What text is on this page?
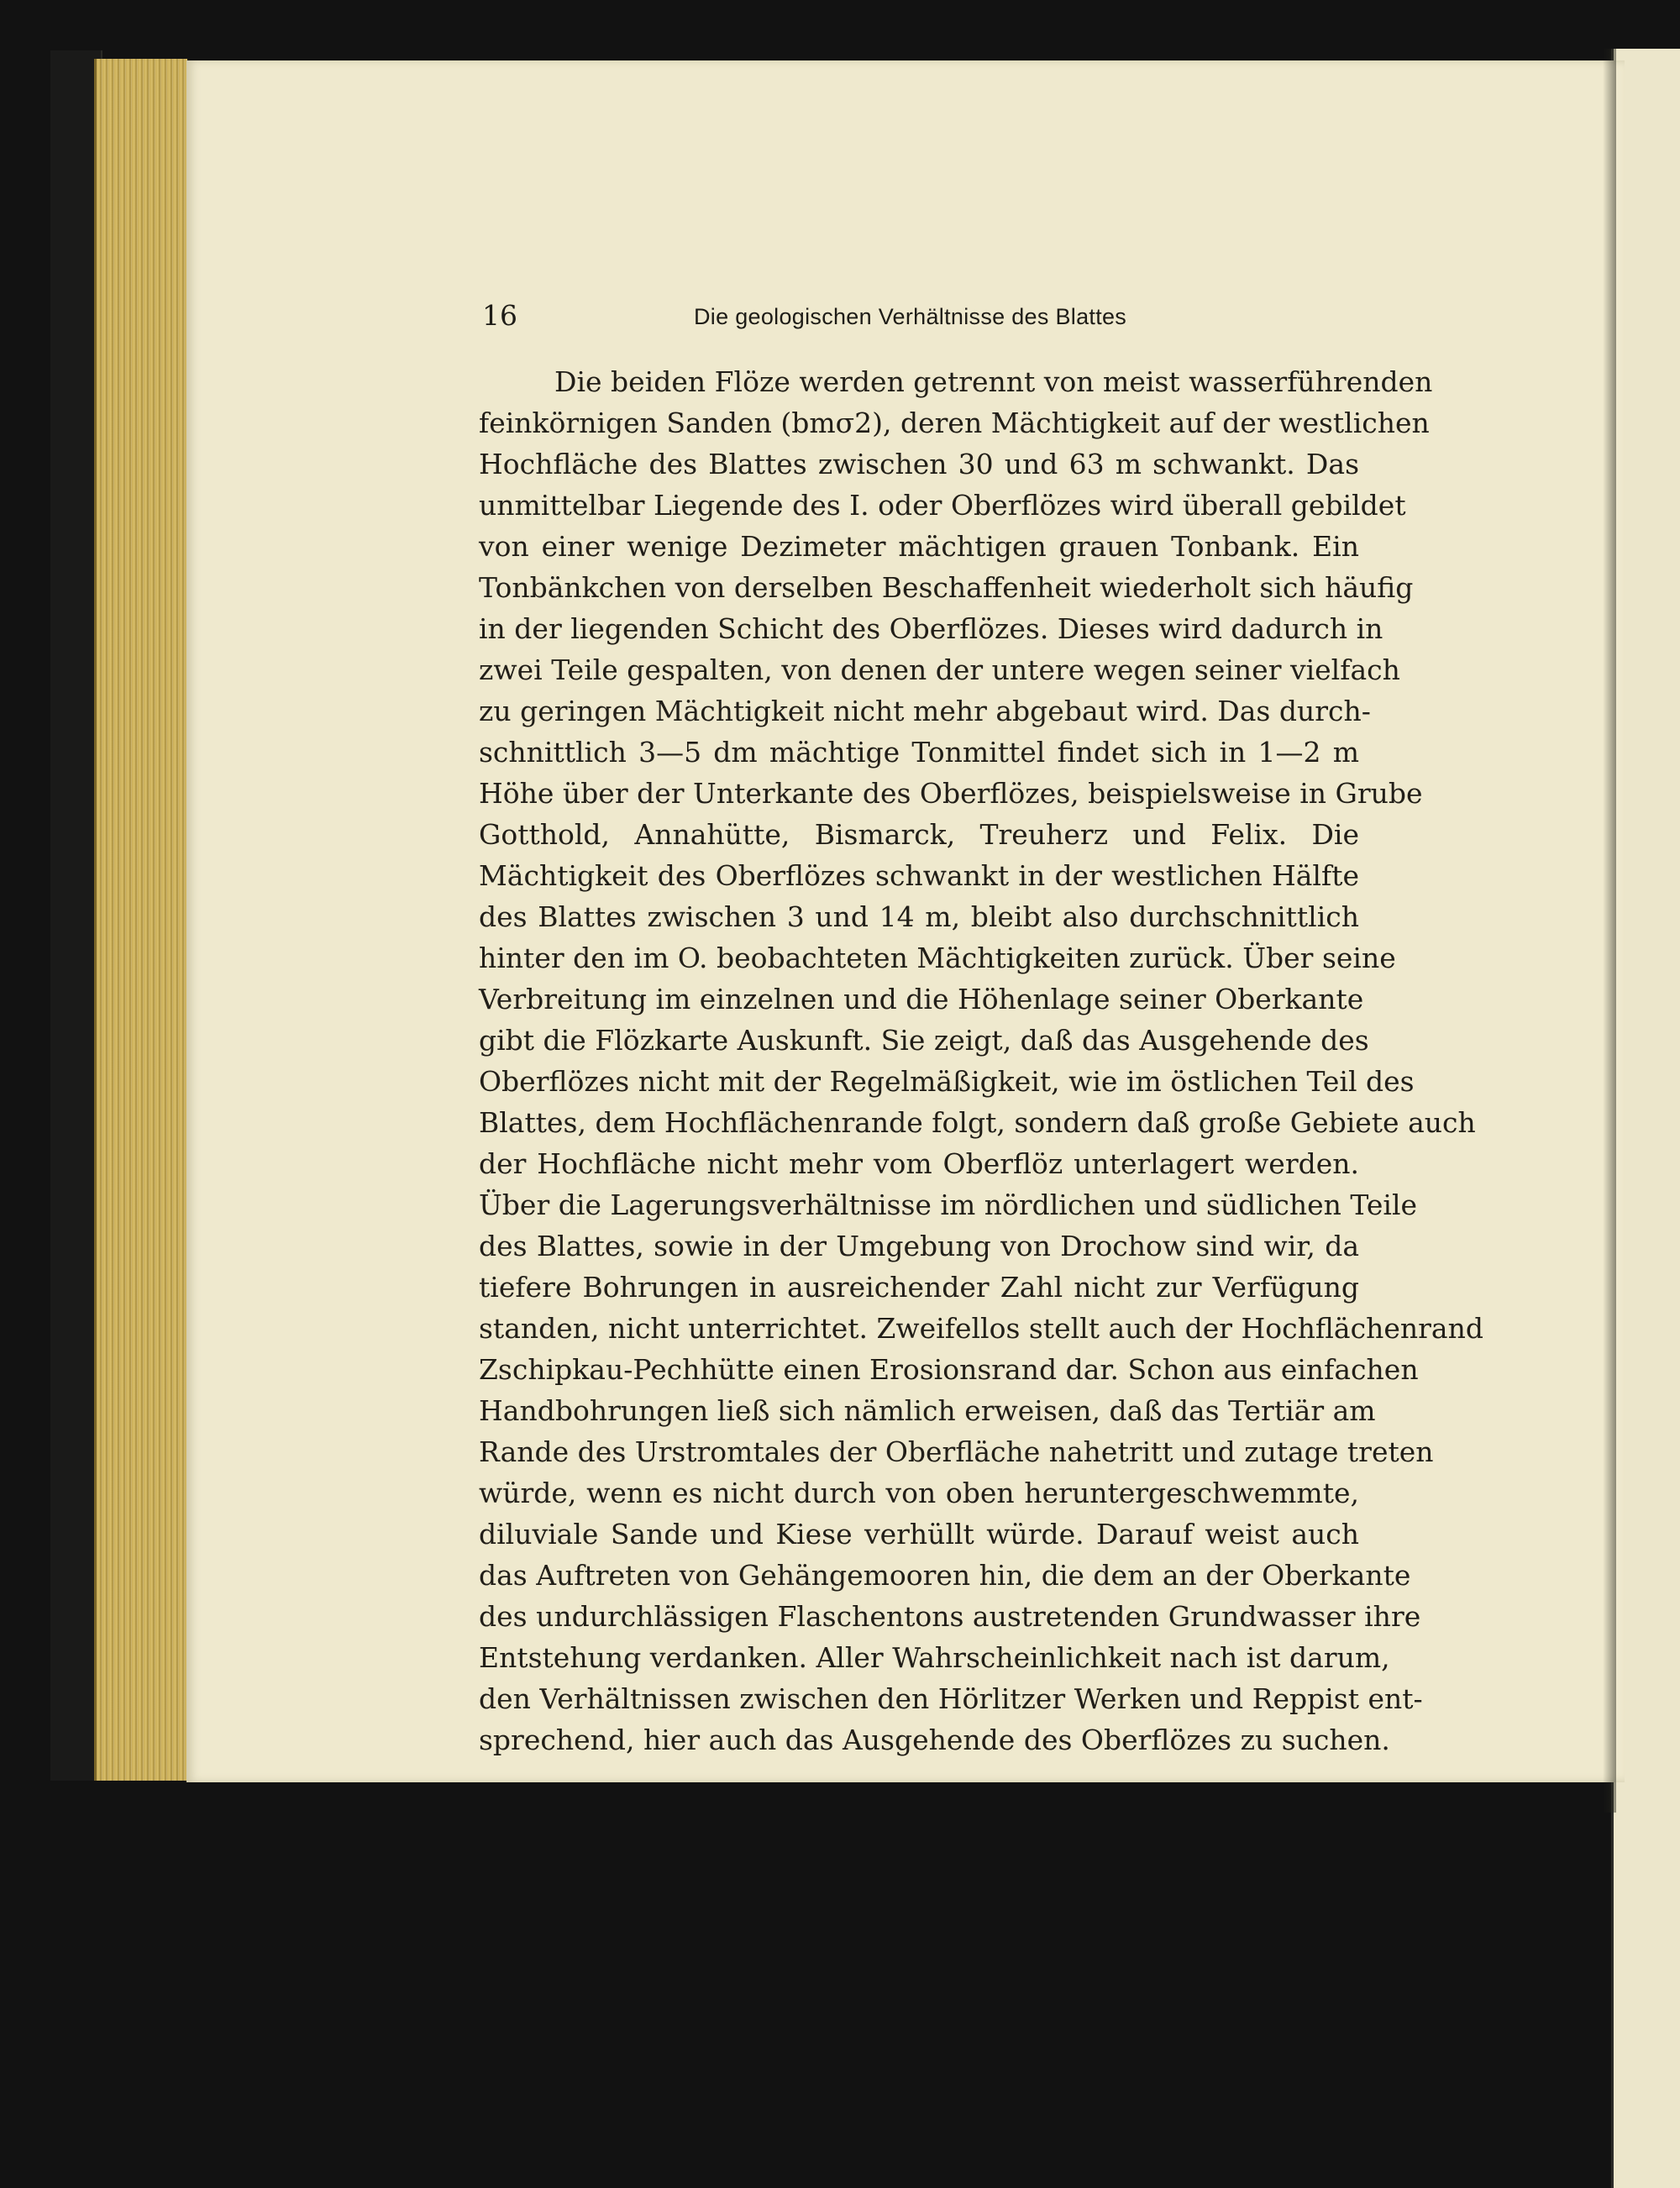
16	Die geologischen Verhältnisse des Blattes
Die beiden Flöze werden getrennt von meist wasserführenden
feinkörnigen Sanden (bmσ2), deren Mächtigkeit auf der westlichen
Hochfläche des Blattes zwischen 30 und 63 m schwankt. Das
unmittelbar Liegende des I. oder Oberflözes wird überall gebildet
von einer wenige Dezimeter mächtigen grauen Tonbank. Ein
Tonbänkchen von derselben Beschaffenheit wiederholt sich häufig
in der liegenden Schicht des Oberflözes. Dieses wird dadurch in
zwei Teile gespalten, von denen der untere wegen seiner vielfach
zu geringen Mächtigkeit nicht mehr abgebaut wird. Das durch-
schnittlich 3—5 dm mächtige Tonmittel findet sich in 1—2 m
Höhe über der Unterkante des Oberflözes, beispielsweise in Grube
Gotthold, Annahütte, Bismarck, Treuherz und Felix. Die
Mächtigkeit des Oberflözes schwankt in der westlichen Hälfte
des Blattes zwischen 3 und 14 m, bleibt also durchschnittlich
hinter den im O. beobachteten Mächtigkeiten zurück. Über seine
Verbreitung im einzelnen und die Höhenlage seiner Oberkante
gibt die Flözkarte Auskunft. Sie zeigt, daß das Ausgehende des
Oberflözes nicht mit der Regelmäßigkeit, wie im östlichen Teil des
Blattes, dem Hochflächenrande folgt, sondern daß große Gebiete auch
der Hochfläche nicht mehr vom Oberflöz unterlagert werden.
Über die Lagerungsverhältnisse im nördlichen und südlichen Teile
des Blattes, sowie in der Umgebung von Drochow sind wir, da
tiefere Bohrungen in ausreichender Zahl nicht zur Verfügung
standen, nicht unterrichtet. Zweifellos stellt auch der Hochflächenrand
Zschipkau-Pechhütte einen Erosionsrand dar. Schon aus einfachen
Handbohrungen ließ sich nämlich erweisen, daß das Tertiär am
Rande des Urstromtales der Oberfläche nahetritt und zutage treten
würde, wenn es nicht durch von oben heruntergeschwemmte,
diluviale Sande und Kiese verhüllt würde. Darauf weist auch
das Auftreten von Gehängemooren hin, die dem an der Oberkante
des undurchlässigen Flaschentons austretenden Grundwasser ihre
Entstehung verdanken. Aller Wahrscheinlichkeit nach ist darum,
den Verhältnissen zwischen den Hörlitzer Werken und Reppist ent-
sprechend, hier auch das Ausgehende des Oberflözes zu suchen.
